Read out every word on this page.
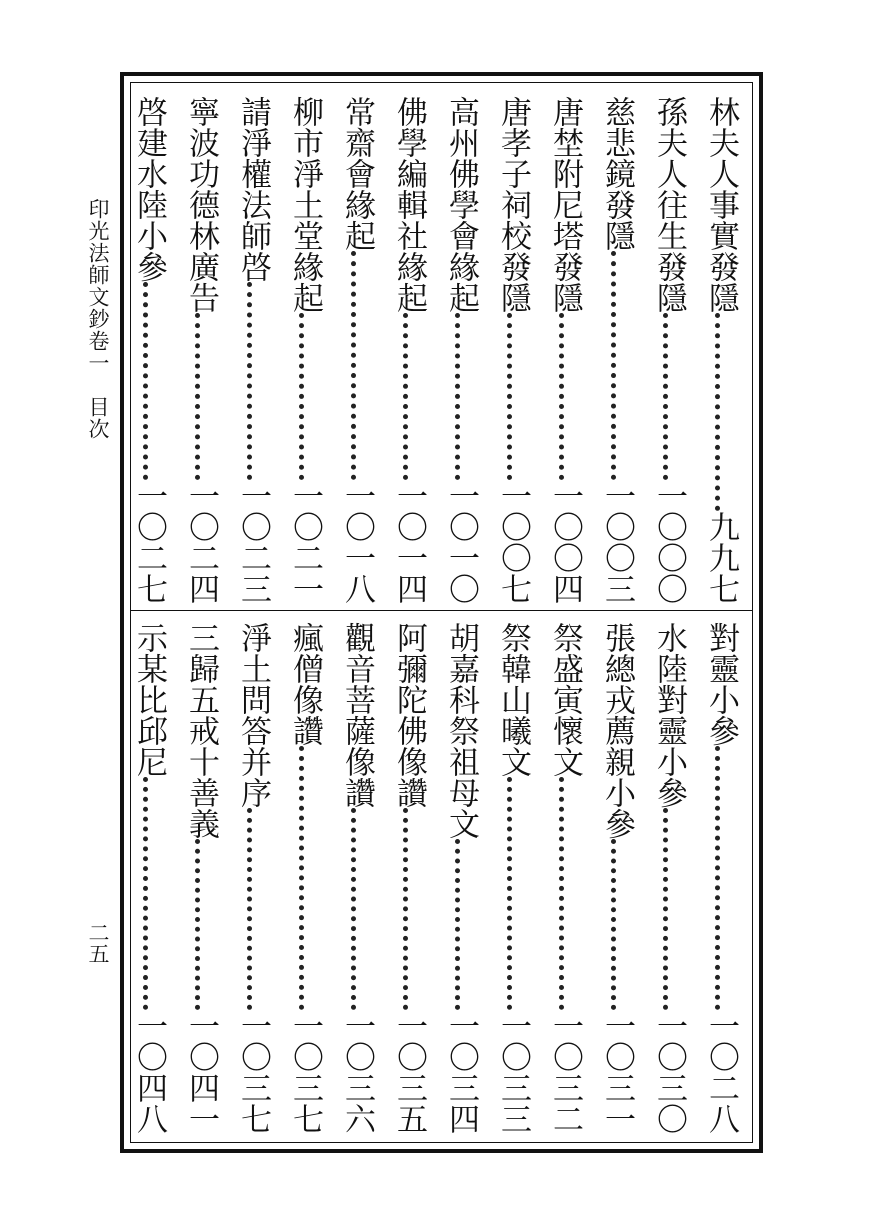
印光法師文鈔卷一　目次
二五
林夫人事實發隱
九九七
孫夫人往生發隱
一〇〇〇
慈悲鏡發隱
一〇〇三
唐埜附尼塔發隱
一〇〇四
唐孝子祠校發隱
一〇〇七
高州佛學會緣起
一〇一〇
佛學編輯社緣起
一〇一四
常齋會緣起
一〇一八
柳市淨土堂緣起
一〇二一
請淨權法師啓
一〇二三
寧波功德林廣告
一〇二四
啓建水陸小參
一〇二七
對靈小參
一〇二八
水陸對靈小參
一〇三〇
張總戎薦親小參
一〇三一
祭盛寅懷文
一〇三二
祭韓山曦文
一〇三三
胡嘉科祭祖母文
一〇三四
阿彌陀佛像讚
一〇三五
觀音菩薩像讚
一〇三六
瘋僧像讚
一〇三七
淨土問答并序
一〇三七
三歸五戒十善義
一〇四一
示某比邱尼
一〇四八
